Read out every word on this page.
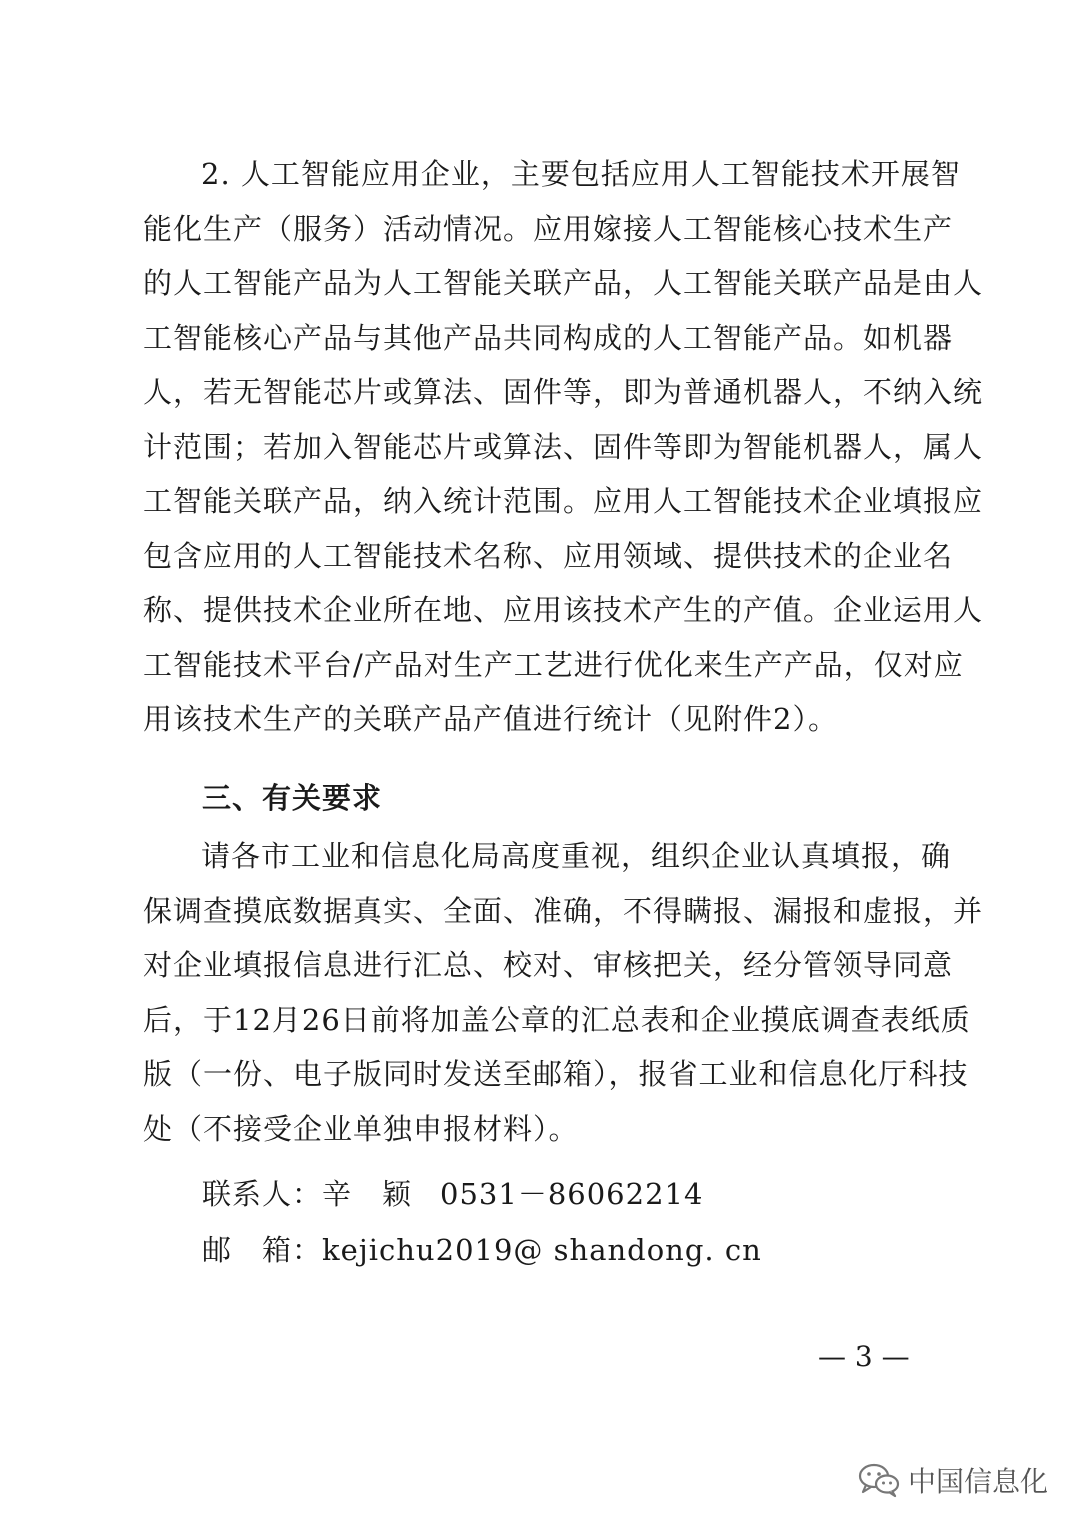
2. 人工智能应用企业，主要包括应用人工智能技术开展智
能化生产（服务）活动情况。应用嫁接人工智能核心技术生产
的人工智能产品为人工智能关联产品，人工智能关联产品是由人
工智能核心产品与其他产品共同构成的人工智能产品。如机器
人，若无智能芯片或算法、固件等，即为普通机器人，不纳入统
计范围；若加入智能芯片或算法、固件等即为智能机器人，属人
工智能关联产品，纳入统计范围。应用人工智能技术企业填报应
包含应用的人工智能技术名称、应用领域、提供技术的企业名
称、提供技术企业所在地、应用该技术产生的产值。企业运用人
工智能技术平台/产品对生产工艺进行优化来生产产品，仅对应
用该技术生产的关联产品产值进行统计（见附件2）。
三、有关要求
请各市工业和信息化局高度重视，组织企业认真填报，确
保调查摸底数据真实、全面、准确，不得瞒报、漏报和虚报，并
对企业填报信息进行汇总、校对、审核把关，经分管领导同意
后，于12月26日前将加盖公章的汇总表和企业摸底调查表纸质
版（一份、电子版同时发送至邮箱），报省工业和信息化厅科技
处（不接受企业单独申报材料）。
联系人：辛　颖 0531－86062214
邮　箱：kejichu2019@ shandong. cn
— 3 —
中国信息化
